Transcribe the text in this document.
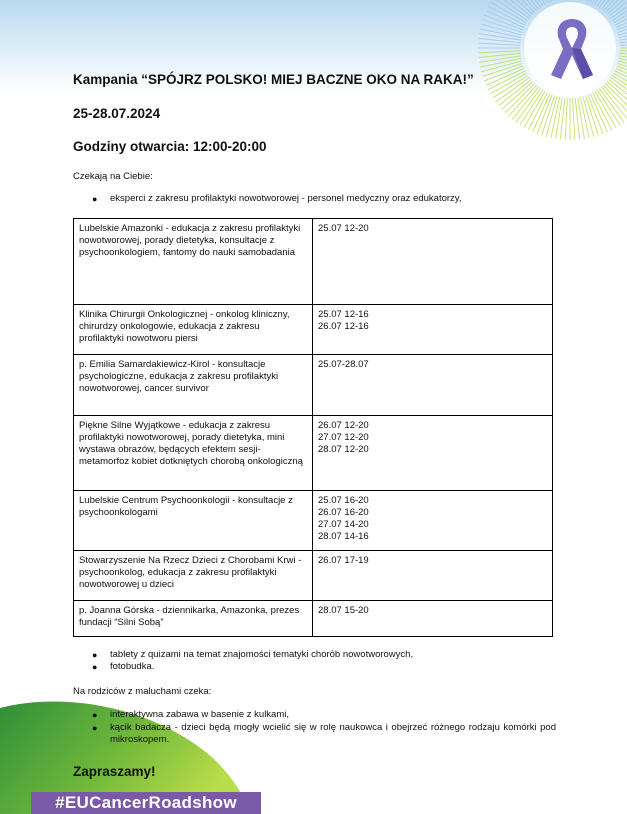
Kampania “SPÓJRZ POLSKO! MIEJ BACZNE OKO NA RAKA!”
25-28.07.2024
Godziny otwarcia: 12:00-20:00
Czekają na Ciebie:
● eksperci z zakresu profilaktyki nowotworowej - personel medyczny oraz edukatorzy,
Lubelskie Amazonki - edukacja z zakresu profilaktyki nowotworowej, porady dietetyka, konsultacje z psychoonkologiem, fantomy do nauki samobadania	25.07 12-20

Klinika Chirurgii Onkologicznej - onkolog kliniczny, chirurdzy onkologowie, edukacja z zakresu profilaktyki nowotworu piersi	25.07 12-16
26.07 12-16

p. Emilia Samardakiewicz-Kirol - konsultacje psychologiczne, edukacja z zakresu profilaktyki nowotworowej, cancer survivor	25.07-28.07

Piękne Silne Wyjątkowe - edukacja z zakresu profilaktyki nowotworowej, porady dietetyka, mini wystawa obrazów, będących efektem sesji-metamorfoz kobiet dotkniętych chorobą onkologiczną	26.07 12-20
27.07 12-20
28.07 12-20

Lubelskie Centrum Psychoonkologii - konsultacje z psychoonkologami	25.07 16-20
26.07 16-20
27.07 14-20
28.07 14-16

Stowarzyszenie Na Rzecz Dzieci z Chorobami Krwi - psychoonkolog, edukacja z zakresu profilaktyki nowotworowej u dzieci	26.07 17-19

p. Joanna Górska - dziennikarka, Amazonka, prezes fundacji “Silni Sobą”	28.07 15-20
● tablety z quizami na temat znajomości tematyki chorób nowotworowych,
● fotobudka.
Na rodziców z maluchami czeka:
● interaktywna zabawa w basenie z kulkami,
● kącik badacza - dzieci będą mogły wcielić się w rolę naukowca i obejrzeć różnego rodzaju komórki pod mikroskopem.
Zapraszamy!
#EUCancerRoadshow
